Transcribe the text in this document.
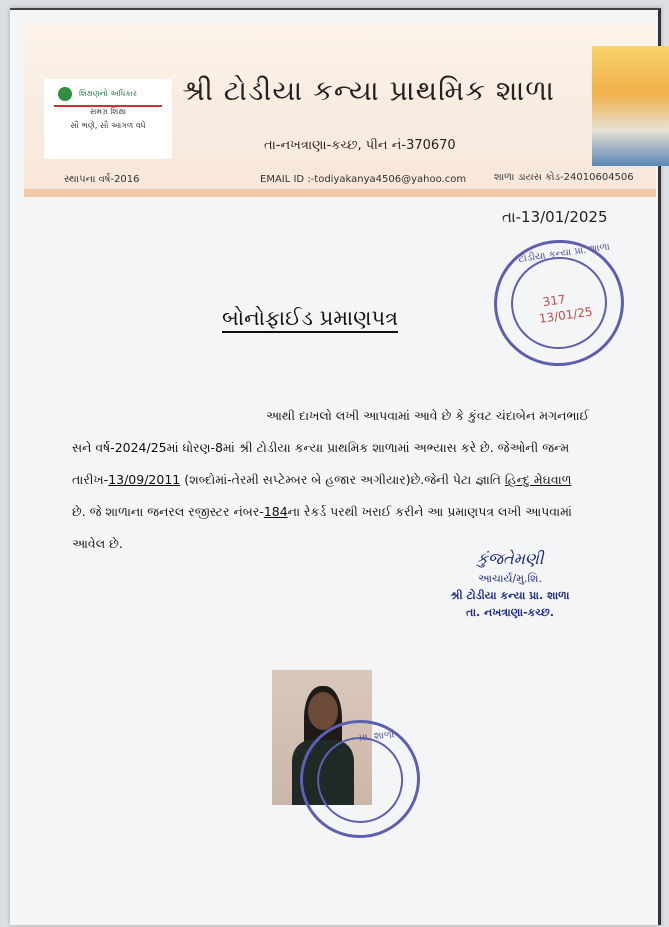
શિક્ષણનો અધિકાર
સમગ્ર શિક્ષા
સૌ ભણે, સૌ આગળ વધે
શ્રી ટોડીયા કન્યા પ્રાથમિક શાળા
તા-નખત્રાણા-કચ્છ, પીન નં-370670
સ્થાપના વર્ષ-2016	EMAIL ID :-todiyakanya4506@yahoo.com	શાળા ડાયસ કોડ-24010604506
તા-13/01/2025
ટોડીયા કન્યા પ્રા. શાળા
317
13/01/25
બોનોફાઈડ પ્રમાણપત્ર

આથી દાખલો લખી આપવામાં આવે છે કે કુંવટ ચંદાબેન મગનભાઈ

સને વર્ષ-2024/25માં ધોરણ-8માં શ્રી ટોડીયા કન્યા પ્રાથમિક શાળામાં અભ્યાસ કરે છે. જેઓની જન્મ

તારીખ-13/09/2011 (શબ્દોમાં-તેરમી સપ્ટેમ્બર બે હજાર અગીયાર)છે.જેની પેટા જ્ઞાતિ હિન્દુ મેઘવાળ

છે. જે શાળાના જનરલ રજીસ્ટર નંબર-184ના રેકર્ડ પરથી ખરાઈ કરીને આ પ્રમાણપત્ર લખી આપવામાં

આવેલ છે.

કુંજતેમણી
આચાર્ય/મુ.શિ.
શ્રી ટોડીયા કન્યા પ્રા. શાળા
તા. નખત્રાણા-કચ્છ.
પ્રા. શાળા
